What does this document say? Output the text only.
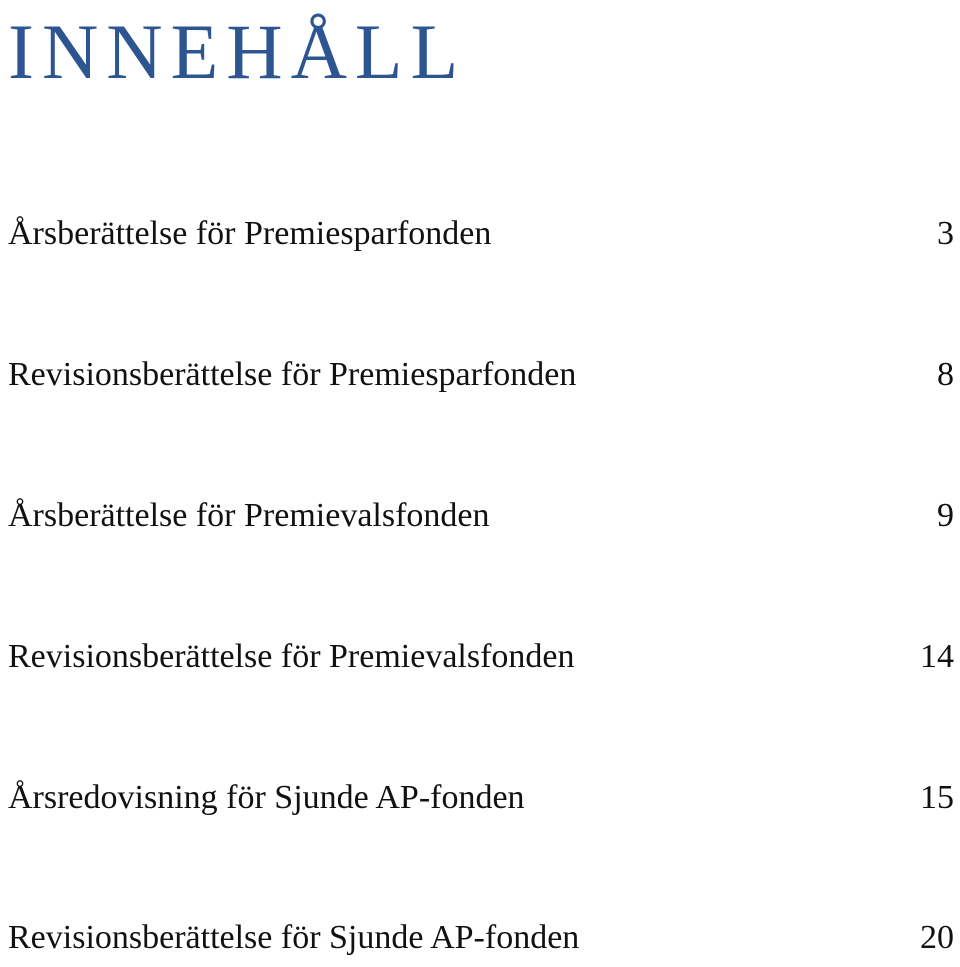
INNEHÅLL
Årsberättelse för Premiesparfonden	3
Revisionsberättelse för Premiesparfonden	8
Årsberättelse för Premievalsfonden	9
Revisionsberättelse för Premievalsfonden	14
Årsredovisning för Sjunde AP-fonden	15
Revisionsberättelse för Sjunde AP-fonden	20
